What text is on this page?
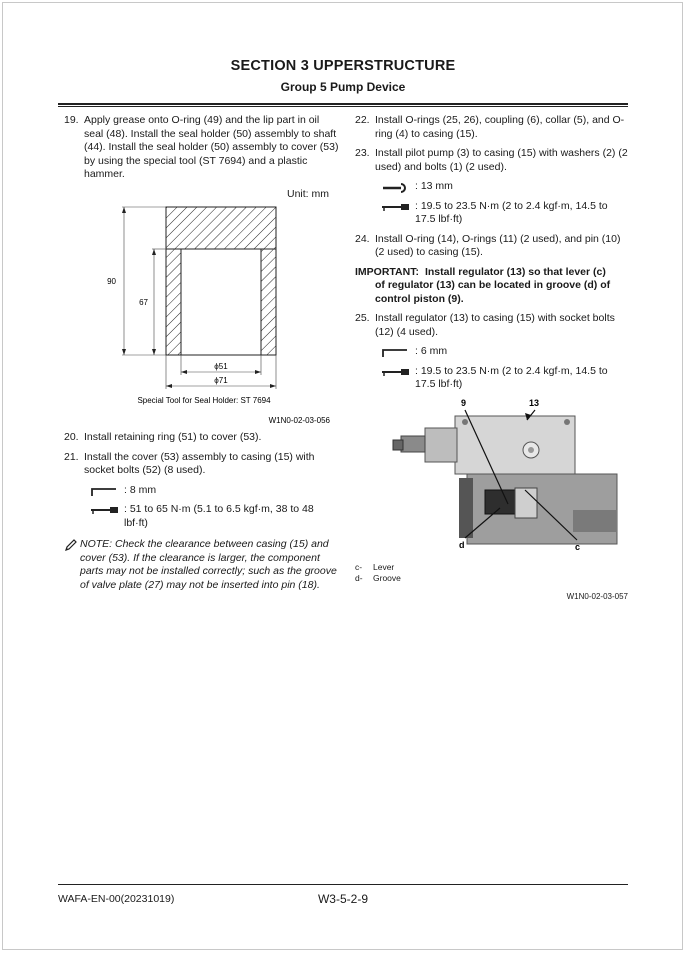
SECTION 3 UPPERSTRUCTURE
Group 5 Pump Device
19. Apply grease onto O-ring (49) and the lip part in oil seal (48). Install the seal holder (50) assembly to shaft (44). Install the seal holder (50) assembly to cover (53) by using the special tool (ST 7694) and a plastic hammer.
Unit: mm
90
67
ϕ51
ϕ71
Special Tool for Seal Holder: ST 7694
W1N0-02-03-056
20. Install retaining ring (51) to cover (53).
21. Install the cover (53) assembly to casing (15) with socket bolts (52) (8 used).
: 8 mm
: 51 to 65 N·m (5.1 to 6.5 kgf·m, 38 to 48 lbf·ft)
NOTE: Check the clearance between casing (15) and cover (53). If the clearance is larger, the component parts may not be installed correctly; such as the groove of valve plate (27) may not be inserted into pin (18).
22. Install O-rings (25, 26), coupling (6), collar (5), and O-ring (4) to casing (15).
23. Install pilot pump (3) to casing (15) with washers (2) (2 used) and bolts (1) (2 used).
: 13 mm
: 19.5 to 23.5 N·m (2 to 2.4 kgf·m, 14.5 to 17.5 lbf·ft)
24. Install O-ring (14), O-rings (11) (2 used), and pin (10) (2 used) to casing (15).
IMPORTANT: Install regulator (13) so that lever (c)
of regulator (13) can be located in groove (d) of control piston (9).
25. Install regulator (13) to casing (15) with socket bolts (12) (4 used).
: 6 mm
: 19.5 to 23.5 N·m (2 to 2.4 kgf·m, 14.5 to 17.5 lbf·ft)
9	13
c
d
c- Lever
d- Groove
W1N0-02-03-057
WAFA-EN-00(20231019)	W3-5-2-9
